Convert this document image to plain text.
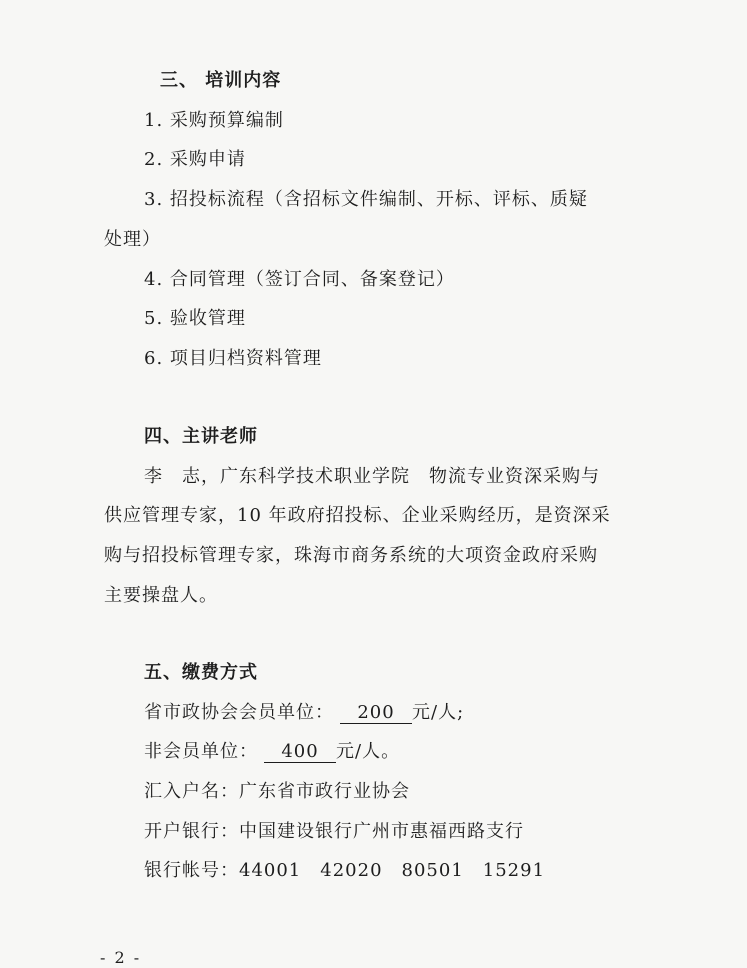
三、 培训内容
1. 采购预算编制
2. 采购申请
3. 招投标流程（含招标文件编制、开标、评标、质疑
处理）
4. 合同管理（签订合同、备案登记）
5. 验收管理
6. 项目归档资料管理
四、主讲老师
李　志，广东科学技术职业学院　物流专业资深采购与
供应管理专家，10 年政府招投标、企业采购经历，是资深采
购与招投标管理专家，珠海市商务系统的大项资金政府采购
主要操盘人。
五、缴费方式
省市政协会会员单位： 200 元/人;
非会员单位： 400 元/人。
汇入户名：广东省市政行业协会
开户银行：中国建设银行广州市惠福西路支行
银行帐号：44001　42020　80501　15291
- 2 -
